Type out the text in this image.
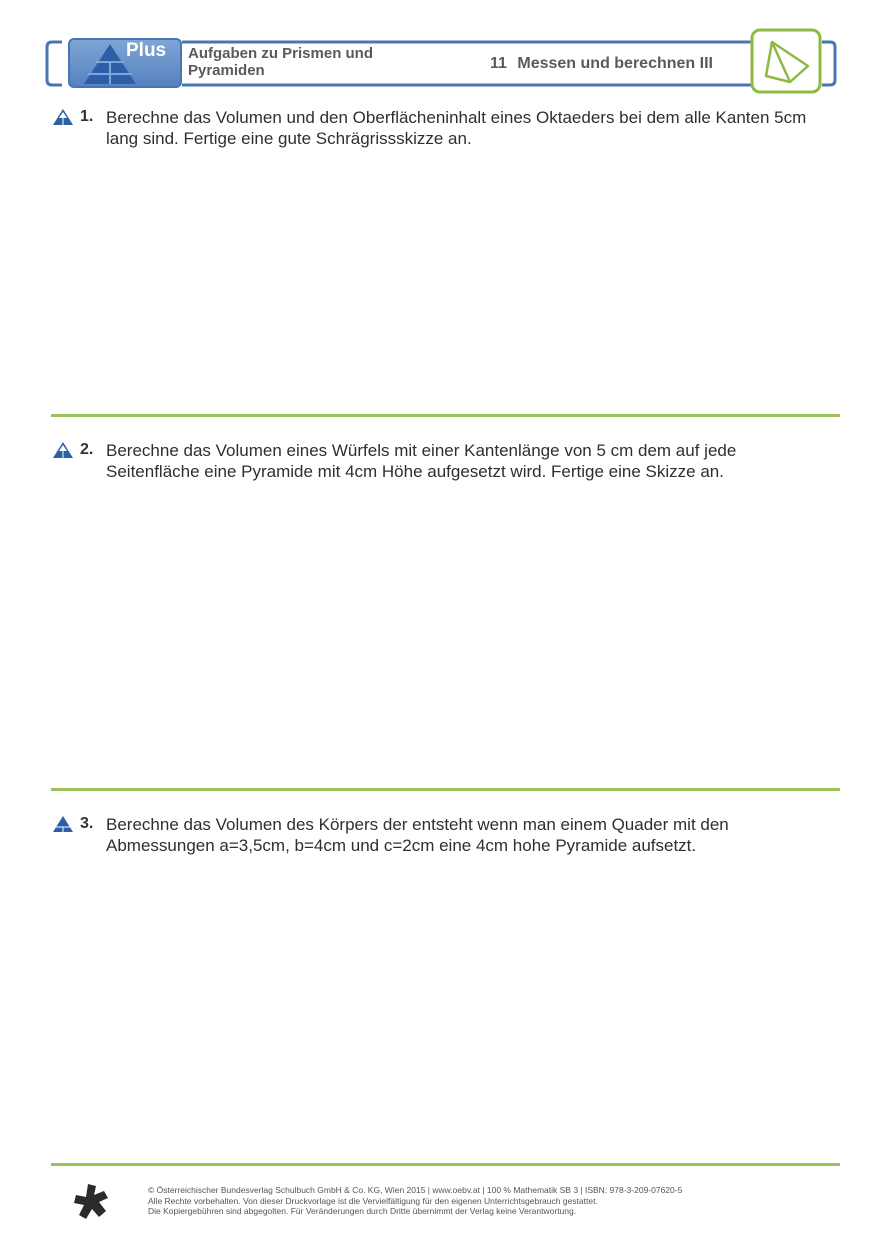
Plus Aufgaben zu Prismen und Pyramiden	11 Messen und berechnen III
1. Berechne das Volumen und den Oberflächeninhalt eines Oktaeders bei dem alle Kanten 5cm lang sind. Fertige eine gute Schrägrissskizze an.
2. Berechne das Volumen eines Würfels mit einer Kantenlänge von 5 cm dem auf jede Seitenfläche eine Pyramide mit 4cm Höhe aufgesetzt wird. Fertige eine Skizze an.
3. Berechne das Volumen des Körpers der entsteht wenn man einem Quader mit den Abmessungen a=3,5cm, b=4cm und c=2cm eine 4cm hohe Pyramide aufsetzt.
© Österreichischer Bundesverlag Schulbuch GmbH & Co. KG, Wien 2015 | www.oebv.at | 100 % Mathematik SB 3 | ISBN: 978-3-209-07620-5
Alle Rechte vorbehalten. Von dieser Druckvorlage ist die Vervielfältigung für den eigenen Unterrichtsgebrauch gestattet.
Die Kopiergebühren sind abgegolten. Für Veränderungen durch Dritte übernimmt der Verlag keine Verantwortung.
